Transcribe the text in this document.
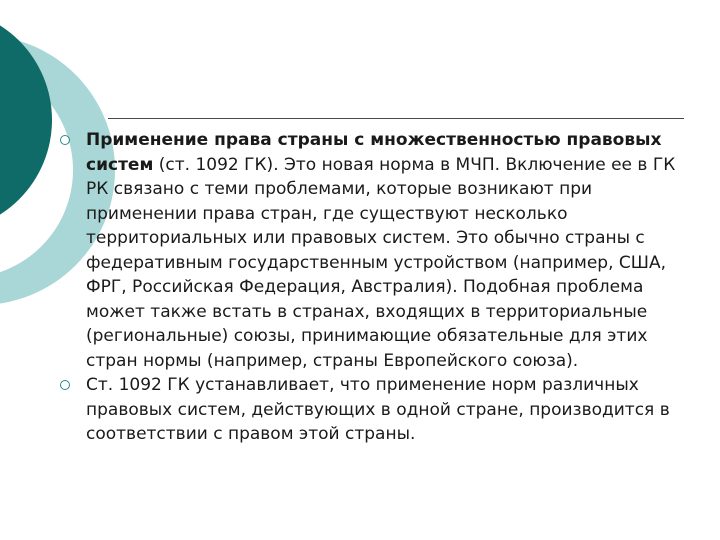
Применение права страны с множественностью правовых систем (ст. 1092 ГК). Это новая норма в МЧП. Включение ее в ГК РК связано с теми проблемами, которые возникают при применении права стран, где существуют несколько территориальных или правовых систем. Это обычно страны с федеративным государственным устройством (например, США, ФРГ, Российская Федерация, Австралия). Подобная проблема может также встать в странах, входящих в территориальные (региональные) союзы, принимающие обязательные для этих стран нормы (например, страны Европейского союза).
Ст. 1092 ГК устанавливает, что применение норм различных правовых систем, действующих в одной стране, производится в соответствии с правом этой страны.
